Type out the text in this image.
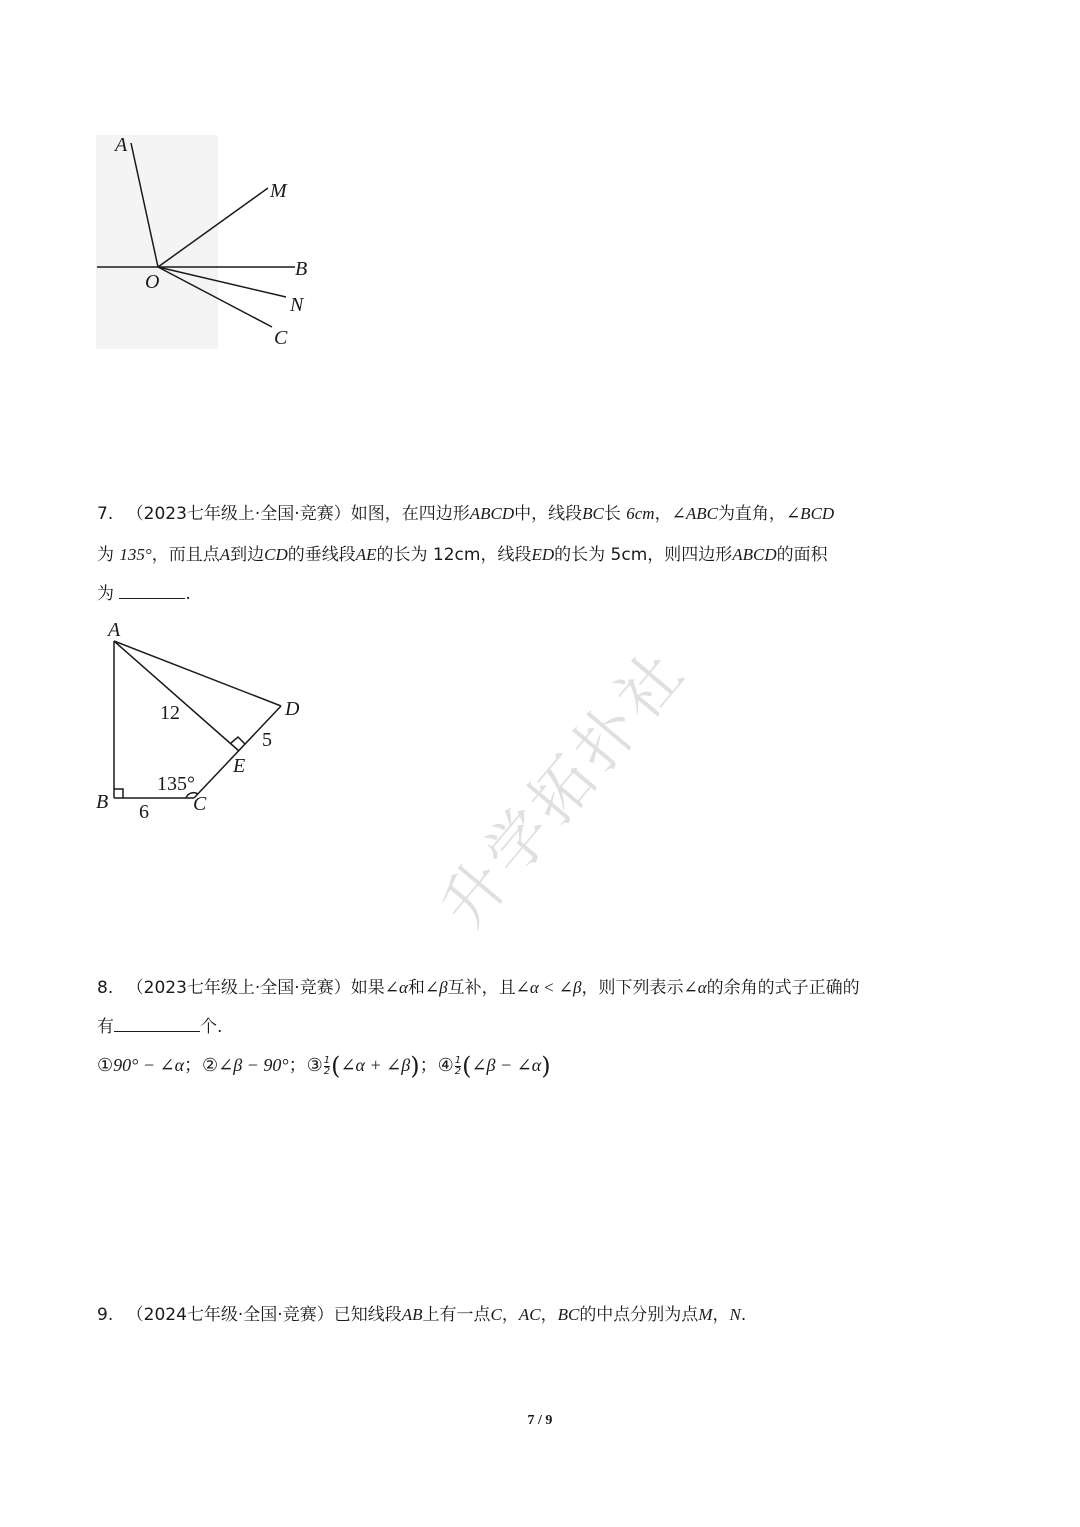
A
M
O
B
N
C
7. （2023七年级上·全国·竞赛）如图，在四边形ABCD中，线段BC长 6cm，∠ABC为直角，∠BCD
为 135°，而且点A到边CD的垂线段AE的长为 12cm，线段ED的长为 5cm，则四边形ABCD的面积
为	.
A
D
E
B	C
12
5
6
135°	升学拓扑社
8. （2023七年级上·全国·竞赛）如果∠α和∠β互补，且∠α < ∠β，则下列表示∠α的余角的式子正确的
有	个.
①90° − ∠α；②∠β − 90°；③ $\frac{1}{2}$ (∠α + ∠β)；④ $\frac{1}{2}$ (∠β − ∠α)
9. （2024七年级·全国·竞赛）已知线段AB上有一点C，AC，BC的中点分别为点M，N.
7 / 9
